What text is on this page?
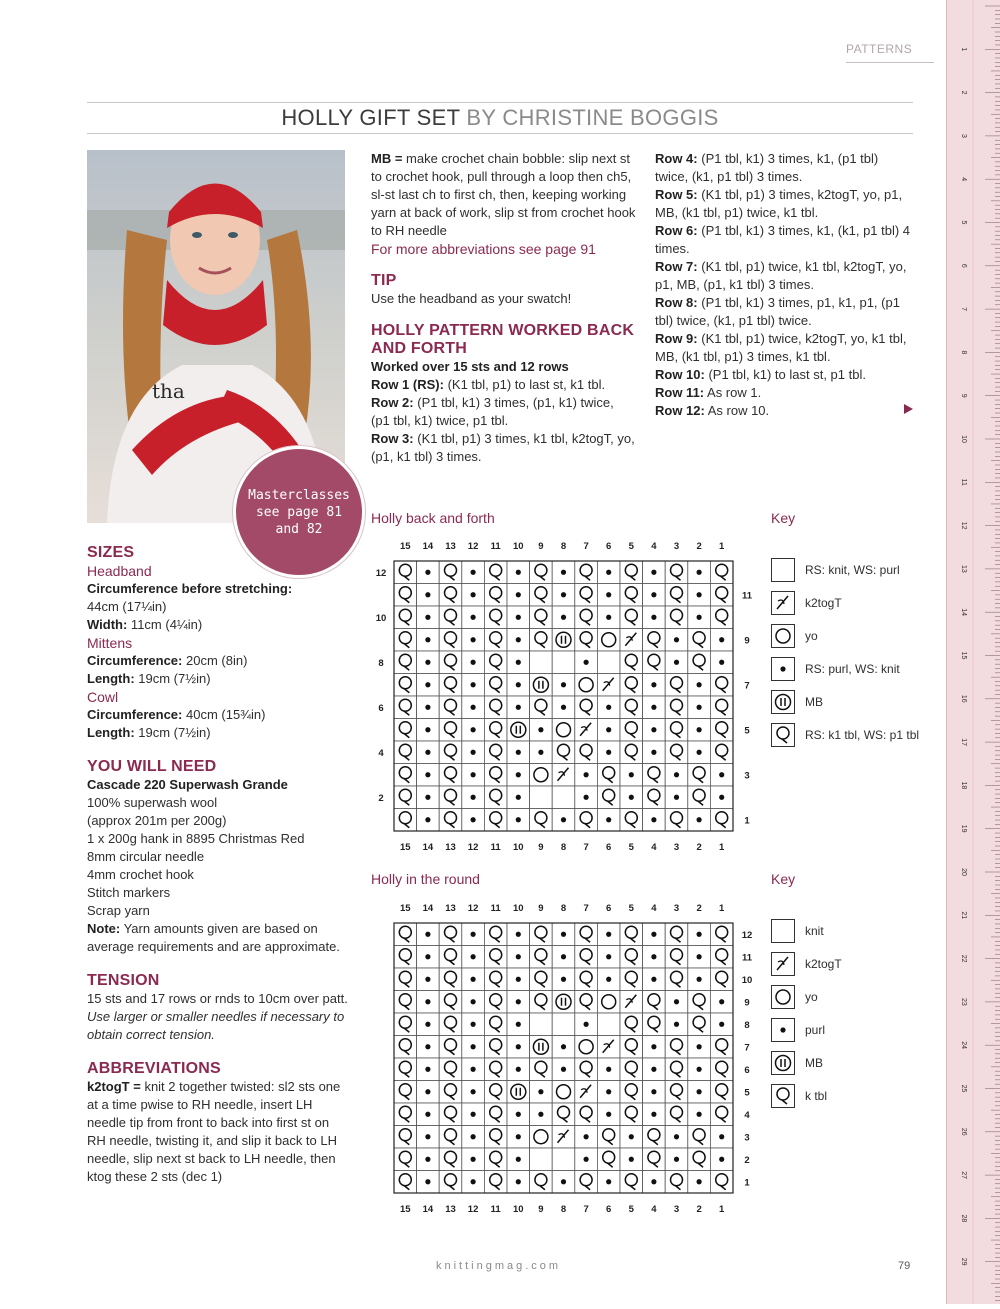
PATTERNS
HOLLY GIFT SET BY CHRISTINE BOGGIS
tha
Masterclasses see page 81 and 82
SIZES
Headband
Circumference before stretching:
44cm (17¼in)
Width: 11cm (4¼in)
Mittens
Circumference: 20cm (8in)
Length: 19cm (7½in)
Cowl
Circumference: 40cm (15¾in)
Length: 19cm (7½in)
YOU WILL NEED
Cascade 220 Superwash Grande
100% superwash wool
(approx 201m per 200g)
1 x 200g hank in 8895 Christmas Red
8mm circular needle
4mm crochet hook
Stitch markers
Scrap yarn
Note: Yarn amounts given are based on average requirements and are approximate.
TENSION
15 sts and 17 rows or rnds to 10cm over patt.
Use larger or smaller needles if necessary to obtain correct tension.
ABBREVIATIONS
k2togT = knit 2 together twisted: sl2 sts one at a time pwise to RH needle, insert LH needle tip from front to back into first st on RH needle, twisting it, and slip it back to LH needle, slip next st back to LH needle, then ktog these 2 sts (dec 1)
MB = make crochet chain bobble: slip next st to crochet hook, pull through a loop then ch5, sl-st last ch to first ch, then, keeping working yarn at back of work, slip st from crochet hook to RH needle
For more abbreviations see page 91
TIP
Use the headband as your swatch!
HOLLY PATTERN WORKED BACK AND FORTH
Worked over 15 sts and 12 rows
Row 1 (RS): (K1 tbl, p1) to last st, k1 tbl.
Row 2: (P1 tbl, k1) 3 times, (p1, k1) twice, (p1 tbl, k1) twice, p1 tbl.
Row 3: (K1 tbl, p1) 3 times, k1 tbl, k2togT, yo, (p1, k1 tbl) 3 times.
Row 4: (P1 tbl, k1) 3 times, k1, (p1 tbl) twice, (k1, p1 tbl) 3 times.
Row 5: (K1 tbl, p1) 3 times, k2togT, yo, p1, MB, (k1 tbl, p1) twice, k1 tbl.
Row 6: (P1 tbl, k1) 3 times, k1, (k1, p1 tbl) 4 times.
Row 7: (K1 tbl, p1) twice, k1 tbl, k2togT, yo, p1, MB, (p1, k1 tbl) 3 times.
Row 8: (P1 tbl, k1) 3 times, p1, k1, p1, (p1 tbl) twice, (k1, p1 tbl) twice.
Row 9: (K1 tbl, p1) twice, k2togT, yo, k1 tbl, MB, (k1 tbl, p1) 3 times, k1 tbl.
Row 10: (P1 tbl, k1) to last st, p1 tbl.
Row 11: As row 1.
Row 12: As row 10.
Holly back and forth	Key
15
15
14
14
13
13
12
12
11
11
10
10
9
9
8
8
7
7
6
6
5
5
4
4
3
3
2
2
1
1
12
10
8
6
4
2
11
9
7
5
3
1
RS: knit, WS: purl
k2togT
yo
RS: purl, WS: knit
MB
RS: k1 tbl, WS: p1 tbl
Holly in the round	Key
15
15
14
14
13
13
12
12
11
11
10
10
9
9
8
8
7
7
6
6
5
5
4
4
3
3
2
2
1
1
12
11
10
9
8
7
6
5
4
3
2
1
knit
k2togT
yo
purl
MB
k tbl
knittingmag.com	79
1
2
3
4
5
6
7
8
9
10
11
12
13
14
15
16
17
18
19
20
21
22
23
24
25
26
27
28
29
